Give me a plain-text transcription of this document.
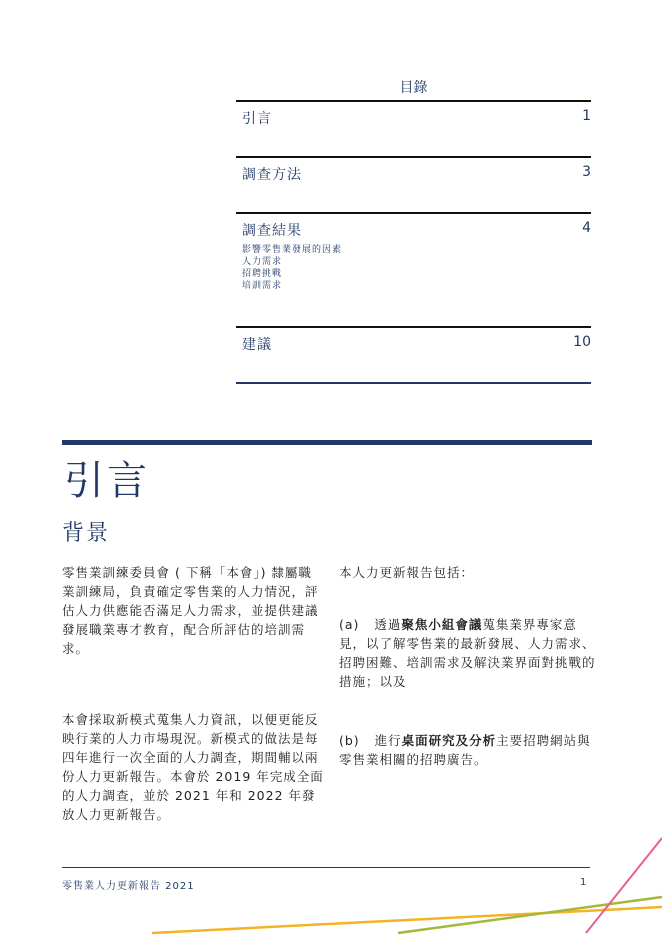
目錄
引言	1
調查方法	3
調查結果	4
影響零售業發展的因素
人力需求
招聘挑戰
培訓需求
建議	10
引言
背景

零售業訓練委員會 ( 下稱「本會」) 隸屬職業訓練局，負責確定零售業的人力情況，評估人力供應能否滿足人力需求，並提供建議發展職業專才教育，配合所評估的培訓需求。

本會採取新模式蒐集人力資訊，以便更能反映行業的人力市場現況。新模式的做法是每四年進行一次全面的人力調查，期間輔以兩份人力更新報告。本會於 2019 年完成全面的人力調查，並於 2021 年和 2022 年發放人力更新報告。

本人力更新報告包括：

(a) 透過聚焦小組會議蒐集業界專家意見，以了解零售業的最新發展、人力需求、招聘困難、培訓需求及解決業界面對挑戰的措施；以及

(b) 進行桌面研究及分析主要招聘網站與零售業相關的招聘廣告。

零售業人力更新報告 2021	1
